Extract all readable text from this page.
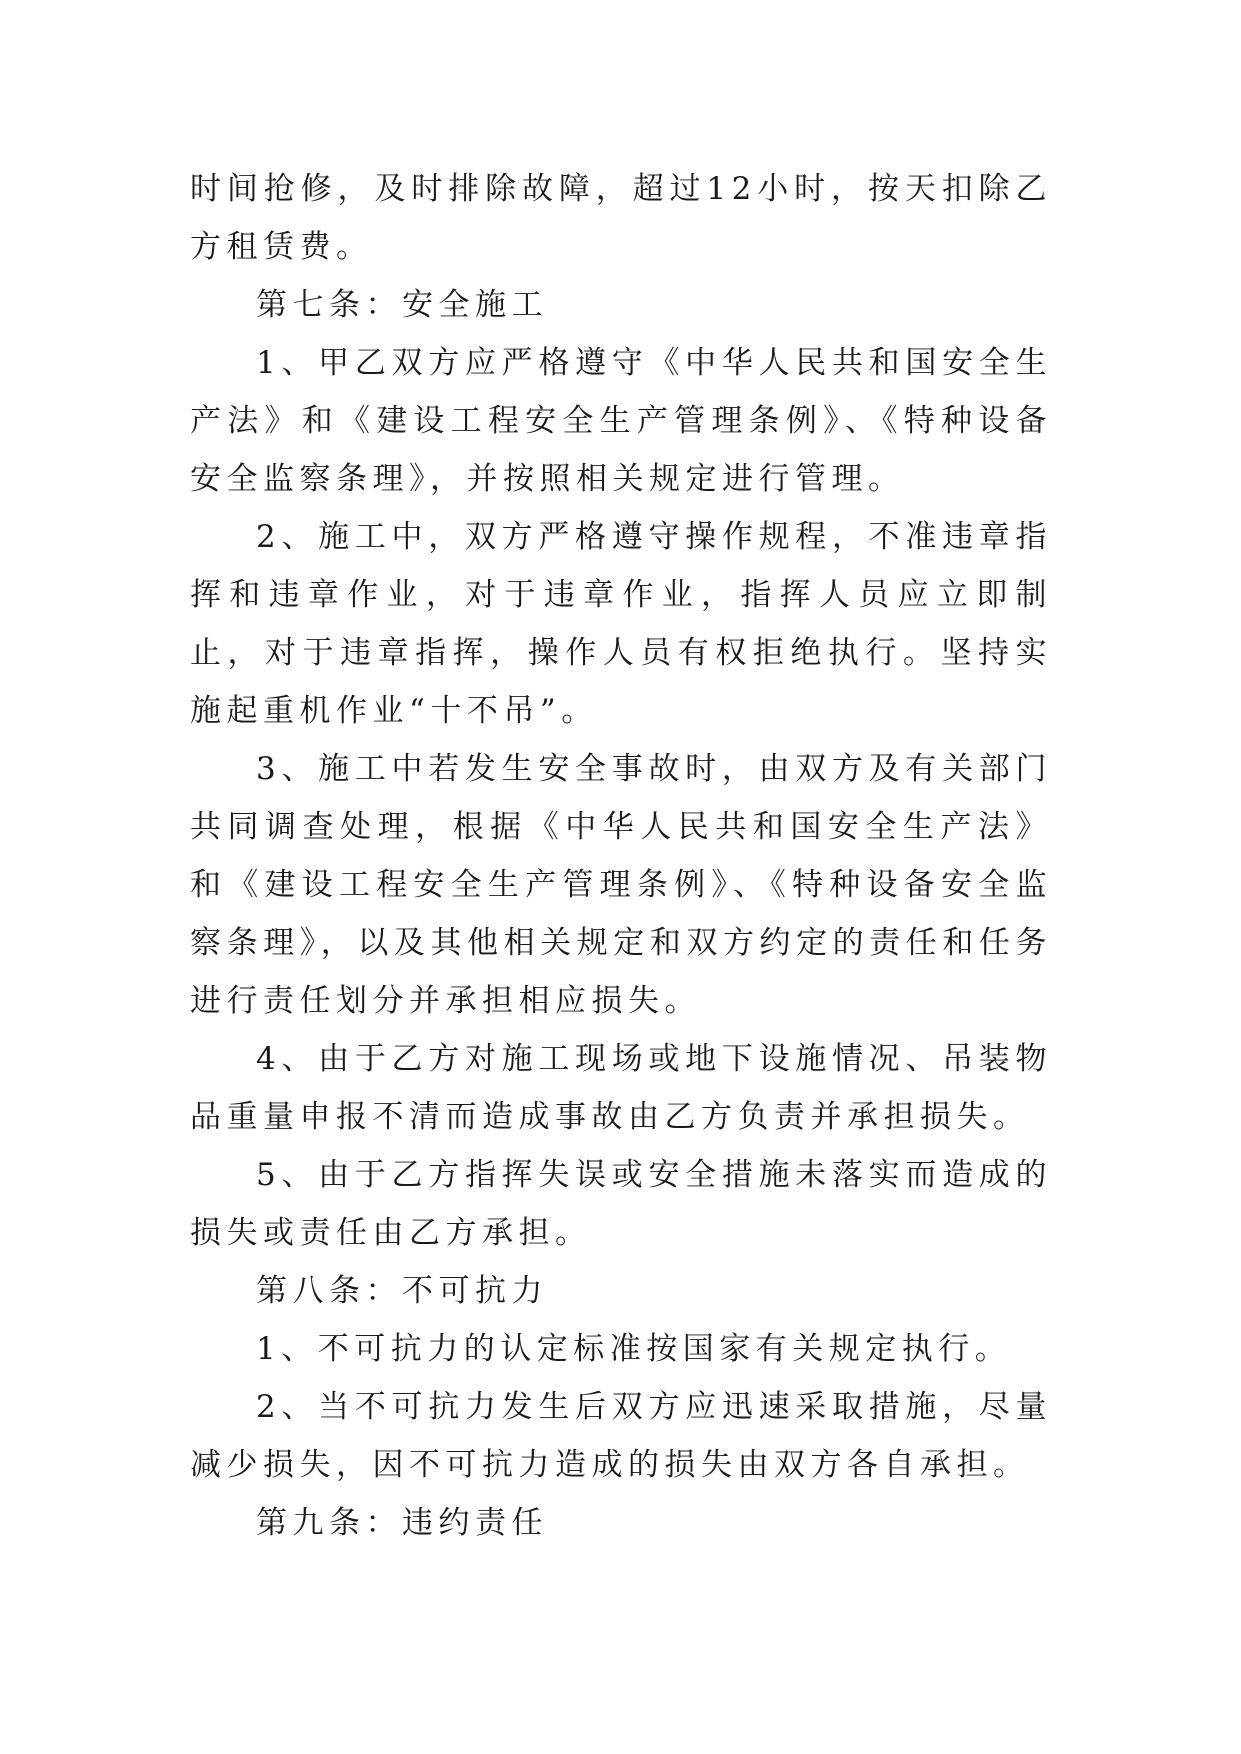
时间抢修，及时排除故障，超过12小时，按天扣除乙方租赁费。

第七条：安全施工

1、甲乙双方应严格遵守《中华人民共和国安全生产法》和《建设工程安全生产管理条例》、《特种设备安全监察条理》，并按照相关规定进行管理。

2、施工中，双方严格遵守操作规程，不准违章指挥和违章作业，对于违章作业，指挥人员应立即制止，对于违章指挥，操作人员有权拒绝执行。坚持实施起重机作业“十不吊”。

3、施工中若发生安全事故时，由双方及有关部门共同调查处理，根据《中华人民共和国安全生产法》和《建设工程安全生产管理条例》、《特种设备安全监察条理》，以及其他相关规定和双方约定的责任和任务进行责任划分并承担相应损失。

4、由于乙方对施工现场或地下设施情况、吊装物品重量申报不清而造成事故由乙方负责并承担损失。

5、由于乙方指挥失误或安全措施未落实而造成的损失或责任由乙方承担。

第八条：不可抗力

1、不可抗力的认定标准按国家有关规定执行。

2、当不可抗力发生后双方应迅速采取措施，尽量减少损失，因不可抗力造成的损失由双方各自承担。

第九条：违约责任
